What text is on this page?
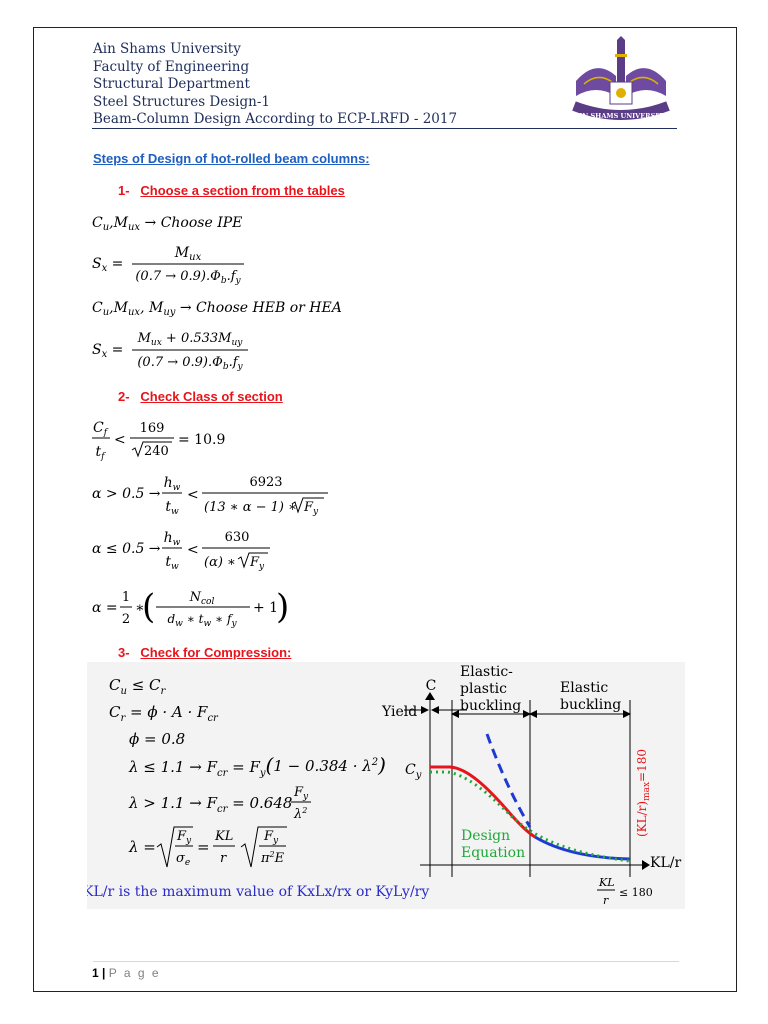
Ain Shams University
Faculty of Engineering
Structural Department
Steel Structures Design-1
Beam-Column Design According to ECP-LRFD - 2017	AIN SHAMS UNIVERSITY
Steps of Design of hot-rolled beam columns:
1- Choose a section from the tables
$C_u,M_{ux}$ → Choose IPE
$S_x$ =
$M_{ux}$
$(0.7 \to 0.9).\Phi_b.f_y$
$C_u,M_{ux}$, $M_{uy}$ → Choose HEB or HEA
$S_x$ =
$M_{ux} + 0.533M_{uy}$
$(0.7 \to 0.9).\Phi_b.f_y$
2- Check Class of section
$C_f$
$t_f$
<
169
240
= 10.9
α > 0.5 →
$h_w$
$t_w$
<
6923
(13 ∗ α − 1) ∗ $F_y$
α ≤ 0.5 →
$h_w$
$t_w$
<
630
(α) ∗ $F_y$
α =
1
2
∗
(	$N_{col}$
$d_w$ ∗ $t_w$ ∗ $f_y$
+ 1
)
3- Check for Compression:
$C_u \le C_r$
$C_r = \phi \cdot A \cdot F_{cr}$
ϕ = 0.8
$\lambda \le 1.1 \to F_{cr} = F_y(1 - 0.384 \cdot \lambda^2)$
$\lambda > 1.1 \to F_{cr} = 0.648$
$F_y$
$\lambda^2$
λ =
$F_y$
$\sigma_e$
=
KL
r
$F_y$
$\pi^2E$
KL/r is the maximum value of KxLx/rx or KyLy/ry
KL
r
≤ 180
C
Yield
$C_y$
Elastic-plastic buckling
Elastic buckling
Design Equation
KL/r
$(KL/r)_{max}=180$
1 | P a g e
